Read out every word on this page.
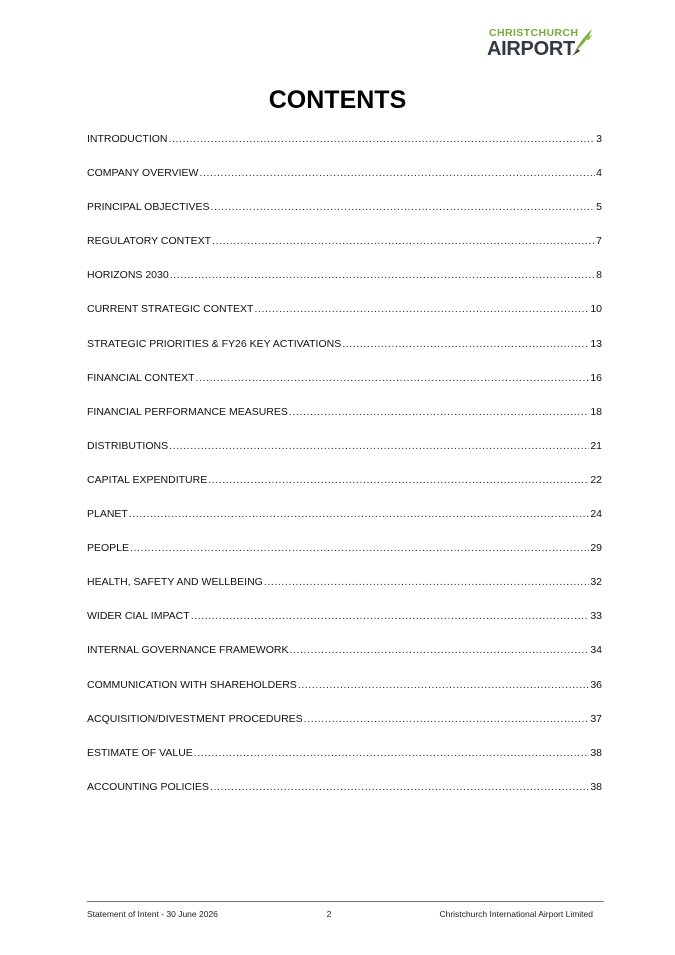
CHRISTCHURCH
AIRPORT
CONTENTS
INTRODUCTION .....	3
COMPANY OVERVIEW .....	4
PRINCIPAL OBJECTIVES .....	5
REGULATORY CONTEXT .....	7
HORIZONS 2030 .....	8
CURRENT STRATEGIC CONTEXT .....	10
STRATEGIC PRIORITIES & FY26 KEY ACTIVATIONS .....	13
FINANCIAL CONTEXT .....	16
FINANCIAL PERFORMANCE MEASURES .....	18
DISTRIBUTIONS .....	21
CAPITAL EXPENDITURE .....	22
PLANET .....	24
PEOPLE .....	29
HEALTH, SAFETY AND WELLBEING .....	32
WIDER CIAL IMPACT .....	33
INTERNAL GOVERNANCE FRAMEWORK .....	34
COMMUNICATION WITH SHAREHOLDERS .....	36
ACQUISITION/DIVESTMENT PROCEDURES .....	37
ESTIMATE OF VALUE .....	38
ACCOUNTING POLICIES .....	38
Statement of Intent - 30 June 2026	2	Christchurch International Airport Limited
